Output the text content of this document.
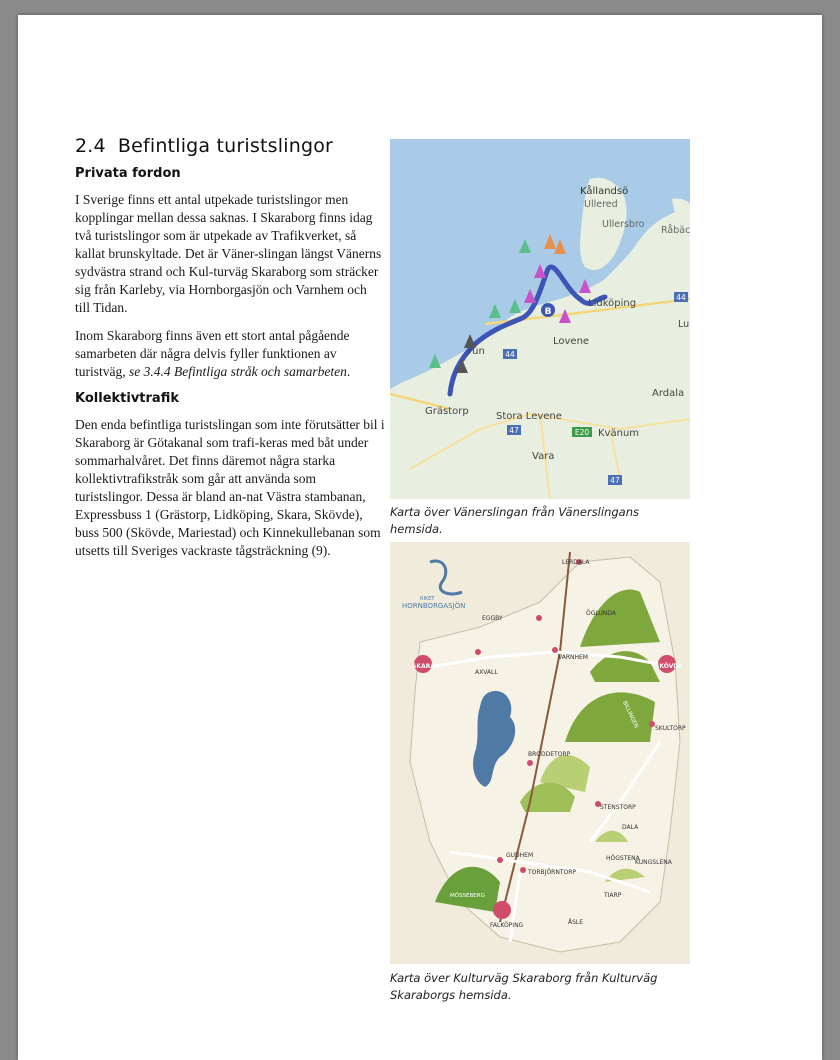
2.4 Befintliga turistslingor
Privata fordon

I Sverige finns ett antal utpekade turistslingor men kopplingar mellan dessa saknas. I Skaraborg finns idag två turistslingor som är utpekade av Trafikverket, så kallat brunskyltade. Det är Väner-slingan längst Vänerns sydvästra strand och Kul-turväg Skaraborg som sträcker sig från Karleby, via Hornborgasjön och Varnhem och till Tidan.

Inom Skaraborg finns även ett stort antal pågående samarbeten där några delvis fyller funktionen av turistväg, se 3.4.4 Befintliga stråk och samarbeten.

Kollektivtrafik

Den enda befintliga turistslingan som inte förutsätter bil i Skaraborg är Götakanal som trafi-keras med båt under sommarhalvåret. Det finns däremot några starka kollektivtrafikstråk som går att använda som turistslingor. Dessa är bland an-nat Västra stambanan, Expressbuss 1 (Grästorp, Lidköping, Skara, Skövde), buss 500 (Skövde, Mariestad) och Kinnekullebanan som utsetts till Sveriges vackraste tågsträckning (9).

B
Kållandsö
Ullered
Ullersbro
Råbäc
Lidköping
Lovene
Lu
Ardala
Grästorp	Stora Levene
Kvänum
Vara
run
44
44
47
47
E20
Karta över Vänerslingan från Vänerslingans hemsida.
RIKET
HORNBORGASJÖN
LERDALA
EGGBY
ÖGLUNDA
SKARA
AXVALL
VARNHEM
SKÖVDE
BILLINGEN	SKULTORP
BRODDETORP
STENSTORP
DALA
HÖGSTENA
KUNGSLENA
GUDHEM
TORBJÖRNTORP
MÖSSEBERG	TIARP
FALKÖPING	ÅSLE
Karta över Kulturväg Skaraborg från Kulturväg Skaraborgs hemsida.
